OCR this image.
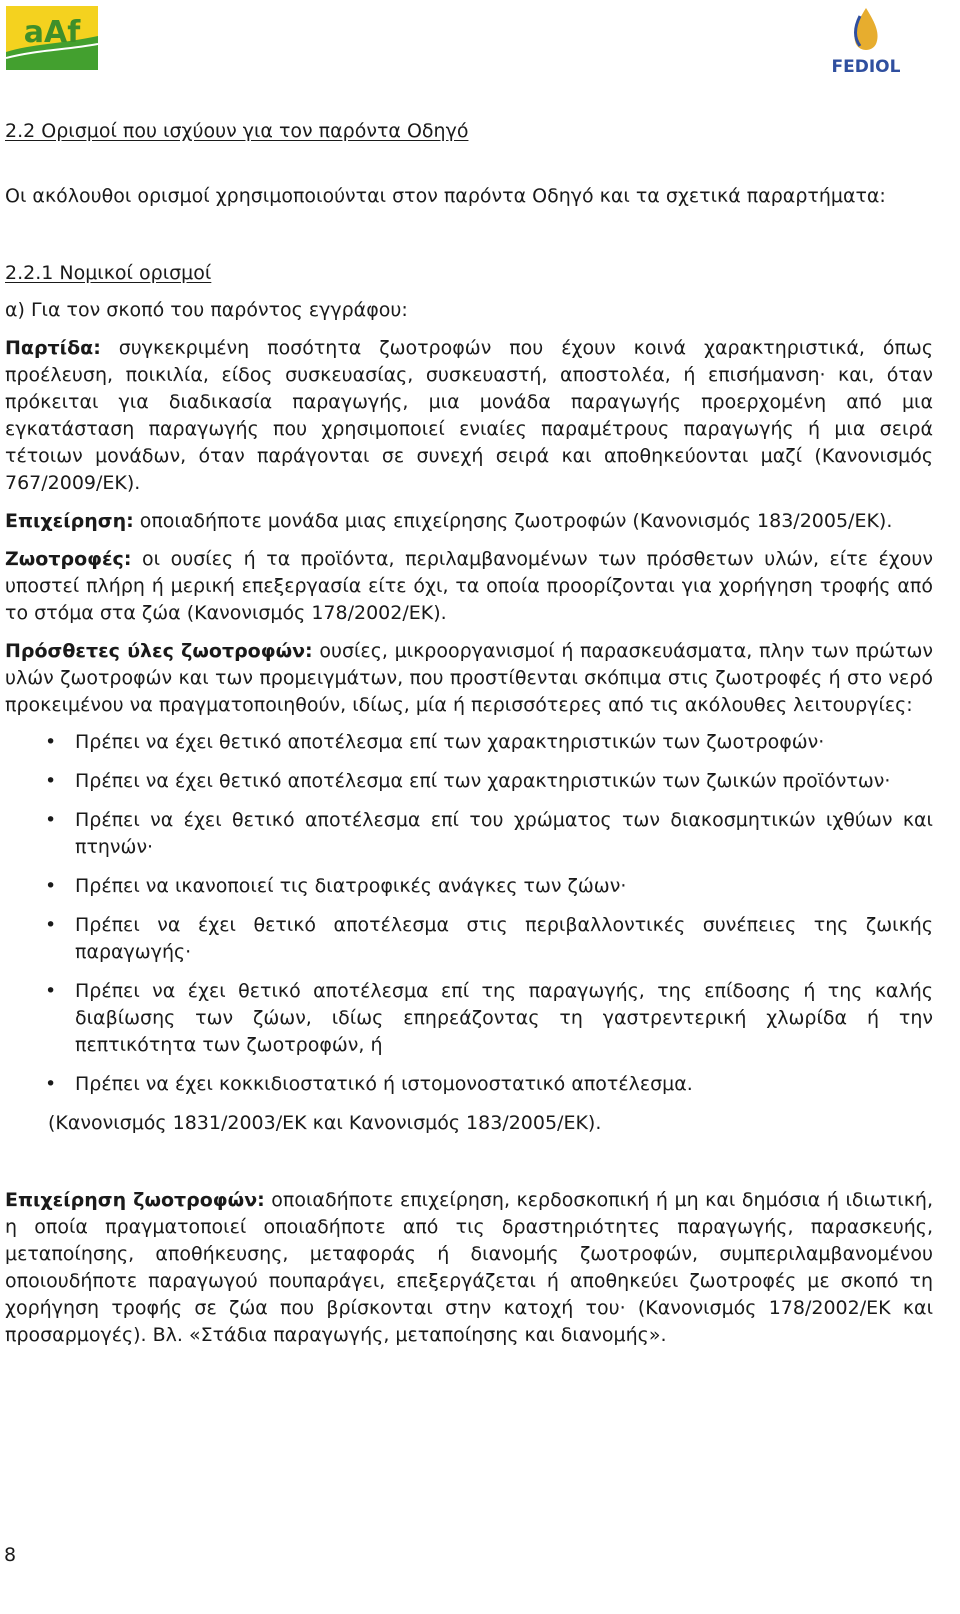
aAf
FEDIOL

2.2 Ορισμοί που ισχύουν για τον παρόντα Οδηγό

Οι ακόλουθοι ορισμοί χρησιμοποιούνται στον παρόντα Οδηγό και τα σχετικά παραρτήματα:

2.2.1 Νομικοί ορισμοί

α) Για τον σκοπό του παρόντος εγγράφου:

Παρτίδα: συγκεκριμένη ποσότητα ζωοτροφών που έχουν κοινά χαρακτηριστικά, όπως προέλευση, ποικιλία, είδος συσκευασίας, συσκευαστή, αποστολέα, ή επισήμανση· και, όταν πρόκειται για διαδικασία παραγωγής, μια μονάδα παραγωγής προερχομένη από μια εγκατάσταση παραγωγής που χρησιμοποιεί ενιαίες παραμέτρους παραγωγής ή μια σειρά τέτοιων μονάδων, όταν παράγονται σε συνεχή σειρά και αποθηκεύονται μαζί (Κανονισμός 767/2009/ΕΚ).

Επιχείρηση: οποιαδήποτε μονάδα μιας επιχείρησης ζωοτροφών (Κανονισμός 183/2005/ΕΚ).

Ζωοτροφές: οι ουσίες ή τα προϊόντα, περιλαμβανομένων των πρόσθετων υλών, είτε έχουν υποστεί πλήρη ή μερική επεξεργασία είτε όχι, τα οποία προορίζονται για χορήγηση τροφής από το στόμα στα ζώα (Κανονισμός 178/2002/ΕΚ).

Πρόσθετες ύλες ζωοτροφών: ουσίες, μικροοργανισμοί ή παρασκευάσματα, πλην των πρώτων υλών ζωοτροφών και των προμειγμάτων, που προστίθενται σκόπιμα στις ζωοτροφές ή στο νερό προκειμένου να πραγματοποιηθούν, ιδίως, μία ή περισσότερες από τις ακόλουθες λειτουργίες:

• Πρέπει να έχει θετικό αποτέλεσμα επί των χαρακτηριστικών των ζωοτροφών·
• Πρέπει να έχει θετικό αποτέλεσμα επί των χαρακτηριστικών των ζωικών προϊόντων·
• Πρέπει να έχει θετικό αποτέλεσμα επί του χρώματος των διακοσμητικών ιχθύων και πτηνών·
• Πρέπει να ικανοποιεί τις διατροφικές ανάγκες των ζώων·
• Πρέπει να έχει θετικό αποτέλεσμα στις περιβαλλοντικές συνέπειες της ζωικής παραγωγής·
• Πρέπει να έχει θετικό αποτέλεσμα επί της παραγωγής, της επίδοσης ή της καλής διαβίωσης των ζώων, ιδίως επηρεάζοντας τη γαστρεντερική χλωρίδα ή την πεπτικότητα των ζωοτροφών, ή
• Πρέπει να έχει κοκκιδιοστατικό ή ιστομονοστατικό αποτέλεσμα.

(Κανονισμός 1831/2003/ΕΚ και Κανονισμός 183/2005/ΕΚ).

Επιχείρηση ζωοτροφών: οποιαδήποτε επιχείρηση, κερδοσκοπική ή μη και δημόσια ή ιδιωτική, η οποία πραγματοποιεί οποιαδήποτε από τις δραστηριότητες παραγωγής, παρασκευής, μεταποίησης, αποθήκευσης, μεταφοράς ή διανομής ζωοτροφών, συμπεριλαμβανομένου οποιουδήποτε παραγωγού πουπαράγει, επεξεργάζεται ή αποθηκεύει ζωοτροφές με σκοπό τη χορήγηση τροφής σε ζώα που βρίσκονται στην κατοχή του· (Κανονισμός 178/2002/ΕΚ και προσαρμογές). Βλ. «Στάδια παραγωγής, μεταποίησης και διανομής».

8
